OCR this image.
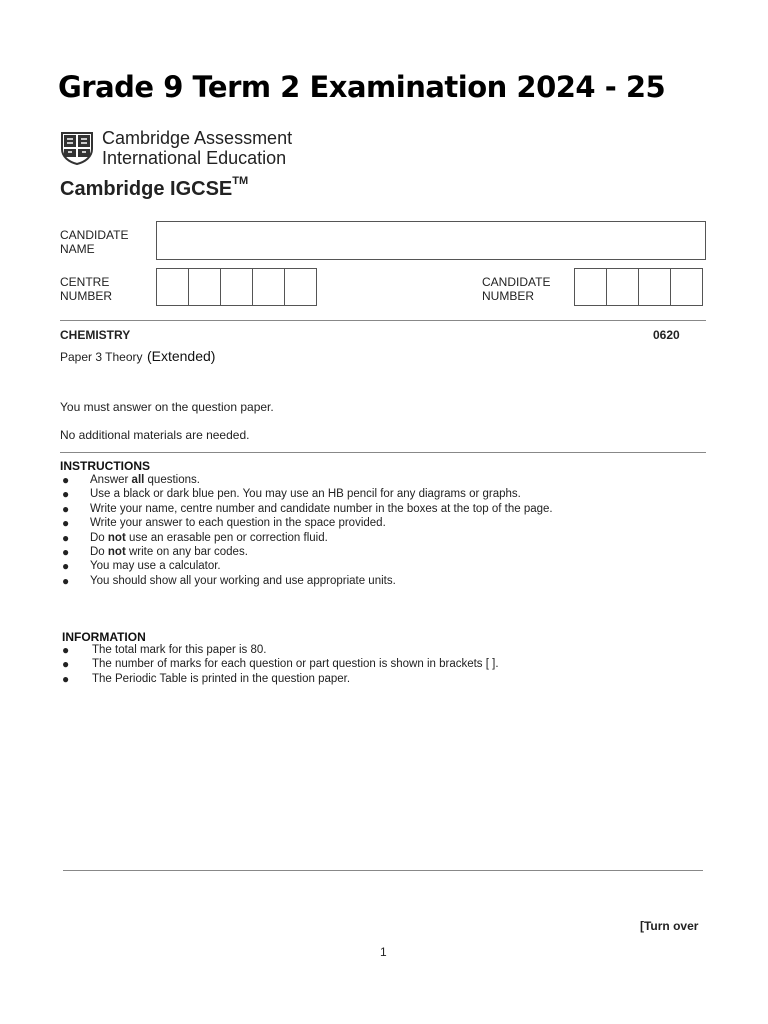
Grade 9 Term 2 Examination 2024 - 25
Cambridge Assessment
International Education
Cambridge IGCSE™
CANDIDATE
NAME
CENTRE
NUMBER
CANDIDATE
NUMBER
CHEMISTRY	0620
Paper 3 Theory (Extended)
You must answer on the question paper.
No additional materials are needed.
INSTRUCTIONS
● Answer all questions.
● Use a black or dark blue pen. You may use an HB pencil for any diagrams or graphs.
● Write your name, centre number and candidate number in the boxes at the top of the page.
● Write your answer to each question in the space provided.
● Do not use an erasable pen or correction fluid.
● Do not write on any bar codes.
● You may use a calculator.
● You should show all your working and use appropriate units.
INFORMATION
● The total mark for this paper is 80.
● The number of marks for each question or part question is shown in brackets [ ].
● The Periodic Table is printed in the question paper.
[Turn over
1
